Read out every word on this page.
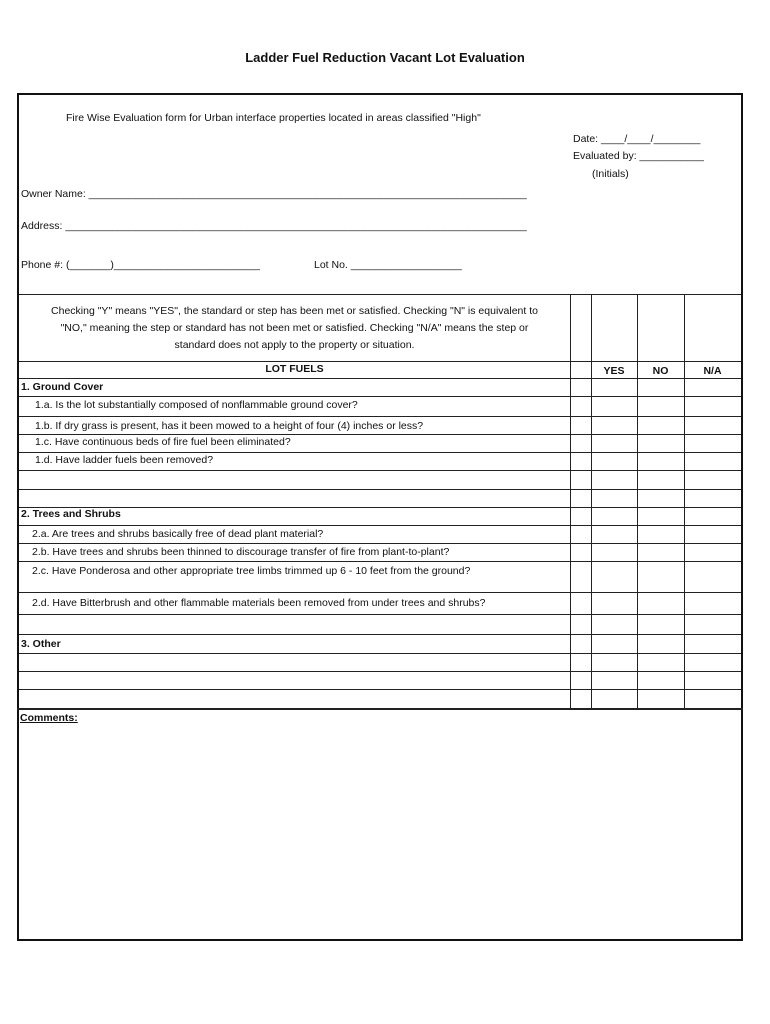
Ladder Fuel Reduction Vacant Lot Evaluation
Fire Wise Evaluation form for Urban interface properties located in areas classified "High"
Date: ____/____/________
Evaluated by: ___________
(Initials)
Owner Name: ___________________________________________________________________________
Address: _______________________________________________________________________________
Phone #: (_______)_________________________	Lot No. ___________________
Checking "Y" means "YES", the standard or step has been met or satisfied. Checking "N" is equivalent to
"NO," meaning the step or standard has not been met or satisfied. Checking "N/A" means the step or
standard does not apply to the property or situation.
LOT FUELS	YES	NO	N/A
1. Ground Cover
1.a. Is the lot substantially composed of nonflammable ground cover?
1.b. If dry grass is present, has it been mowed to a height of four (4) inches or less?
1.c. Have continuous beds of fire fuel been eliminated?
1.d. Have ladder fuels been removed?
2. Trees and Shrubs
2.a. Are trees and shrubs basically free of dead plant material?
2.b. Have trees and shrubs been thinned to discourage transfer of fire from plant-to-plant?
2.c. Have Ponderosa and other appropriate tree limbs trimmed up 6 - 10 feet from the ground?
2.d. Have Bitterbrush and other flammable materials been removed from under trees and shrubs?
3. Other
Comments:
